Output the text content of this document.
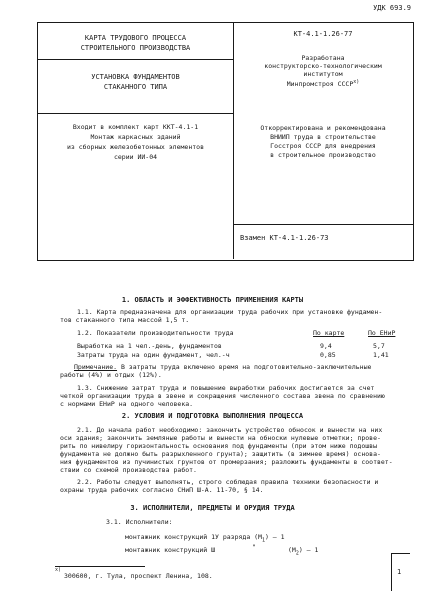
УДК 693.9
КАРТА ТРУДОВОГО ПРОЦЕССА
СТРОИТЕЛЬНОГО ПРОИЗВОДСТВА
УСТАНОВКА ФУНДАМЕНТОВ
СТАКАННОГО ТИПА
Входит в комплект карт ККТ-4.1-1
Монтаж каркасных зданий
из сборных железобетонных элементов
серии ИИ-04
КТ-4.1-1.26-77
Разработана
конструкторско-технологическим
институтом
Минпромстроя $СССР^{х)}$
Откорректирована и рекомендована
ВНИИП труда в строительстве
Госстроя СССР для внедрения
в строительное производство
Взамен КТ-4.1-1.26-73
1. ОБЛАСТЬ И ЭФФЕКТИВНОСТЬ ПРИМЕНЕНИЯ КАРТЫ
1.1. Карта предназначена для организации труда рабочих при установке фундамен-
тов стаканного типа массой 1,5 т.
1.2. Показатели производительности труда	По карте	По ЕНиР
Выработка на 1 чел.-день, фундаментов	9,4	5,7
Затраты труда на один фундамент, чел.-ч	0,85	1,41
Примечание. В затраты труда включено время на подготовительно-заключительные
работы (4%) и отдых (12%).
1.3. Снижение затрат труда и повышение выработки рабочих достигается за счет
четкой организации труда в звене и сокращения численного состава звена по сравнению
с нормами ЕНиР на одного человека.
2. УСЛОВИЯ И ПОДГОТОВКА ВЫПОЛНЕНИЯ ПРОЦЕССА
2.1. До начала работ необходимо: закончить устройство обносок и вынести на них
оси здания; закончить земляные работы и вынести на обноски нулевые отметки; прове-
рить по нивелиру горизонтальность основания под фундаменты (при этом ниже подошвы
фундамента не должно быть разрыхленного грунта); защитить (в зимнее время) основа-
ния фундаментов из пучинистых грунтов от промерзания; разложить фундаменты в соответ-
ствии со схемой производства работ.
2.2. Работы следует выполнять, строго соблюдая правила техники безопасности и
охраны труда рабочих согласно СНиП Ш-А. 11-70, § 14.
3. ИСПОЛНИТЕЛИ, ПРЕДМЕТЫ И ОРУДИЯ ТРУДА
3.1. Исполнители:
монтажник конструкций 1У разряда $(М_1) - 1$
монтажник конструкций Ш	"	$(М_2) - 1$
х)
300600, г. Тула, проспект Ленина, 108.	1
